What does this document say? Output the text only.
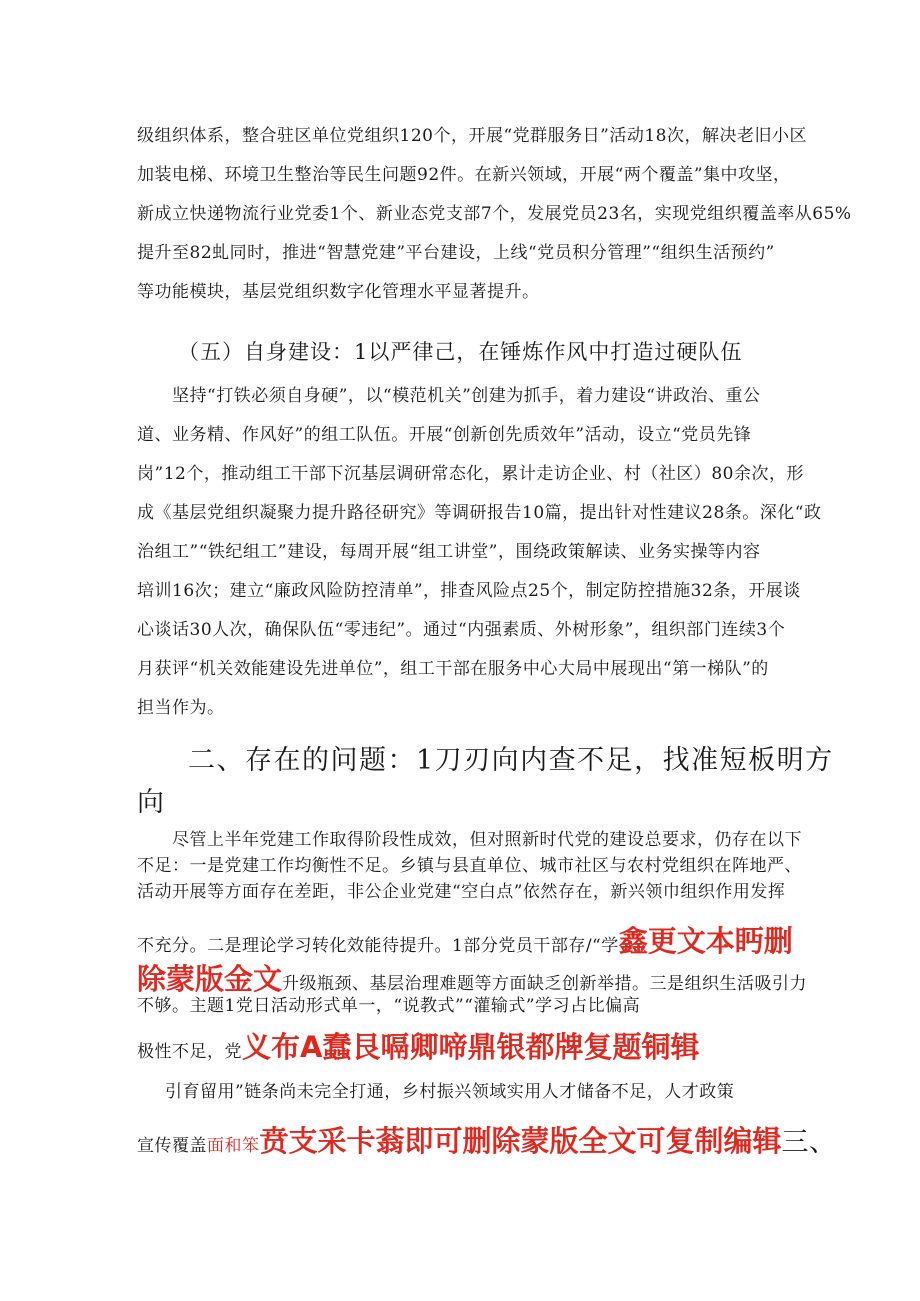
级组织体系，整合驻区单位党组织120个，开展“党群服务日”活动18次，解决老旧小区
加装电梯、环境卫生整治等民生问题92件。在新兴领域，开展“两个覆盖”集中攻坚，
新成立快递物流行业党委1个、新业态党支部7个，发展党员23名，实现党组织覆盖率从65%
提升至82虬同时，推进“智慧党建”平台建设，上线“党员积分管理”“组织生活预约”
等功能模块，基层党组织数字化管理水平显著提升。
（五）自身建设：1以严律己，在锤炼作风中打造过硬队伍
坚持“打铁必须自身硬”，以“模范机关”创建为抓手，着力建设“讲政治、重公
道、业务精、作风好”的组工队伍。开展“创新创先质效年”活动，设立“党员先锋
岗”12个，推动组工干部下沉基层调研常态化，累计走访企业、村（社区）80余次，形
成《基层党组织凝聚力提升路径研究》等调研报告10篇，提出针对性建议28条。深化“政
治组工”“铁纪组工”建设，每周开展“组工讲堂”，围绕政策解读、业务实操等内容
培训16次；建立“廉政风险防控清单”，排查风险点25个，制定防控措施32条，开展谈
心谈话30人次，确保队伍“零违纪”。通过“内强素质、外树形象”，组织部门连续3个
月获评“机关效能建设先进单位”，组工干部在服务中心大局中展现出“第一梯队”的
担当作为。
二、存在的问题：1刀刃向内查不足，找准短板明方
向
尽管上半年党建工作取得阶段性成效，但对照新时代党的建设总要求，仍存在以下
不足：一是党建工作均衡性不足。乡镇与县直单位、城市社区与农村党组织在阵地严、
活动开展等方面存在差距，非公企业党建“空白点”依然存在，新兴领巾组织作用发挥
不充分。二是理论学习转化效能待提升。1部分党员干部存/“学鑫更文本眄删
除蒙版金文升级瓶颈、基层治理难题等方面缺乏创新举措。三是组织生活吸引力
不够。主题1党日活动形式单一，“说教式”“灌输式”学习占比偏高
极性不足，党义布A蠢艮嗝卿啼鼎银都牌复题铜辑
引育留用”链条尚未完全打通，乡村振兴领域实用人才储备不足，人才政策
宣传覆盖面和笨贲支采卡蓊即可删除蒙版全文可复制编辑三、
